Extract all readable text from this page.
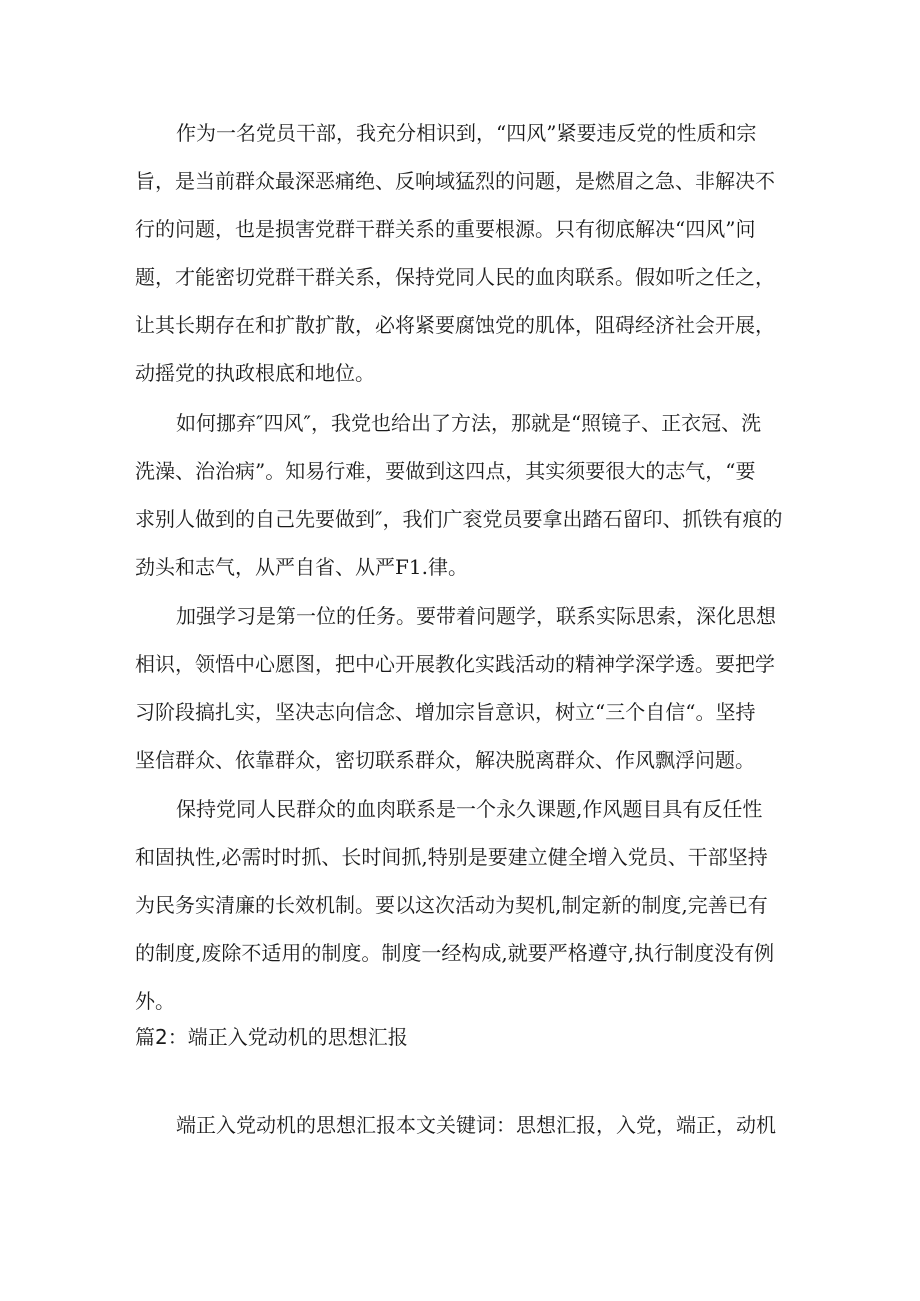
作为一名党员干部，我充分相识到，“四风”紧要违反党的性质和宗
旨，是当前群众最深恶痛绝、反响域猛烈的问题，是燃眉之急、非解决不
行的问题，也是损害党群干群关系的重要根源。只有彻底解决“四风”问
题，才能密切党群干群关系，保持党同人民的血肉联系。假如听之任之，
让其长期存在和扩散扩散，必将紧要腐蚀党的肌体，阻碍经济社会开展，
动摇党的执政根底和地位。
如何挪弃″四风″，我党也给出了方法，那就是“照镜子、正衣冠、洗
洗澡、治治病”。知易行难，要做到这四点，其实须要很大的志气，“要
求别人做到的自己先要做到″，我们广衮党员要拿出踏石留印、抓铁有痕的
劲头和志气，从严自省、从严F1.律。
加强学习是第一位的任务。要带着问题学，联系实际思索，深化思想
相识，领悟中心愿图，把中心开展教化实践活动的精神学深学透。要把学
习阶段搞扎实，坚决志向信念、增加宗旨意识，树立“三个自信“。坚持
坚信群众、依靠群众，密切联系群众，解决脱离群众、作风飘浮问题。
保持党同人民群众的血肉联系是一个永久课题,作风题目具有反任性
和固执性,必需时时抓、长时间抓,特别是要建立健全增入党员、干部坚持
为民务实清廉的长效机制。要以这次活动为契机,制定新的制度,完善已有
的制度,废除不适用的制度。制度一经构成,就要严格遵守,执行制度没有例
外。
篇2：端正入党动机的思想汇报
端正入党动机的思想汇报本文关键词：思想汇报，入党，端正，动机
